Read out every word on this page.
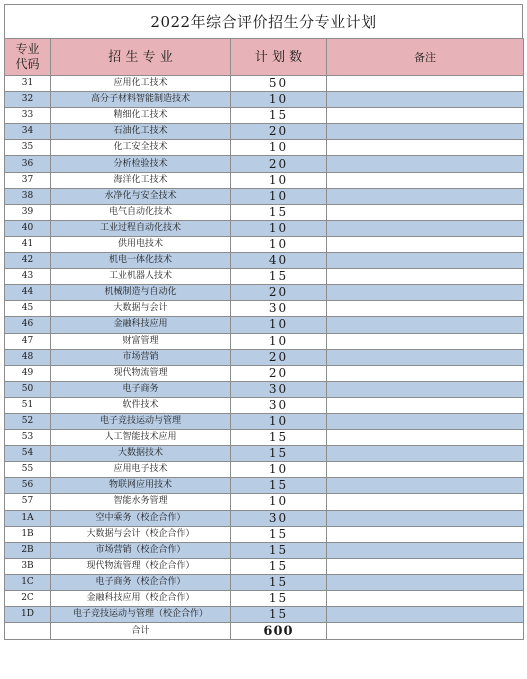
2022年综合评价招生分专业计划
专业
代码	招 生 专 业	计 划 数	备注
31	应用化工技术	50	
32	高分子材料智能制造技术	10	
33	精细化工技术	15	
34	石油化工技术	20	
35	化工安全技术	10	
36	分析检验技术	20	
37	海洋化工技术	10	
38	水净化与安全技术	10	
39	电气自动化技术	15	
40	工业过程自动化技术	10	
41	供用电技术	10	
42	机电一体化技术	40	
43	工业机器人技术	15	
44	机械制造与自动化	20	
45	大数据与会计	30	
46	金融科技应用	10	
47	财富管理	10	
48	市场营销	20	
49	现代物流管理	20	
50	电子商务	30	
51	软件技术	30	
52	电子竞技运动与管理	10	
53	人工智能技术应用	15	
54	大数据技术	15	
55	应用电子技术	10	
56	物联网应用技术	15	
57	智能水务管理	10	
1A	空中乘务（校企合作）	30	
1B	大数据与会计（校企合作）	15	
2B	市场营销（校企合作）	15	
3B	现代物流管理（校企合作）	15	
1C	电子商务（校企合作）	15	
2C	金融科技应用（校企合作）	15	
1D	电子竞技运动与管理（校企合作）	15	
	合计	600	
